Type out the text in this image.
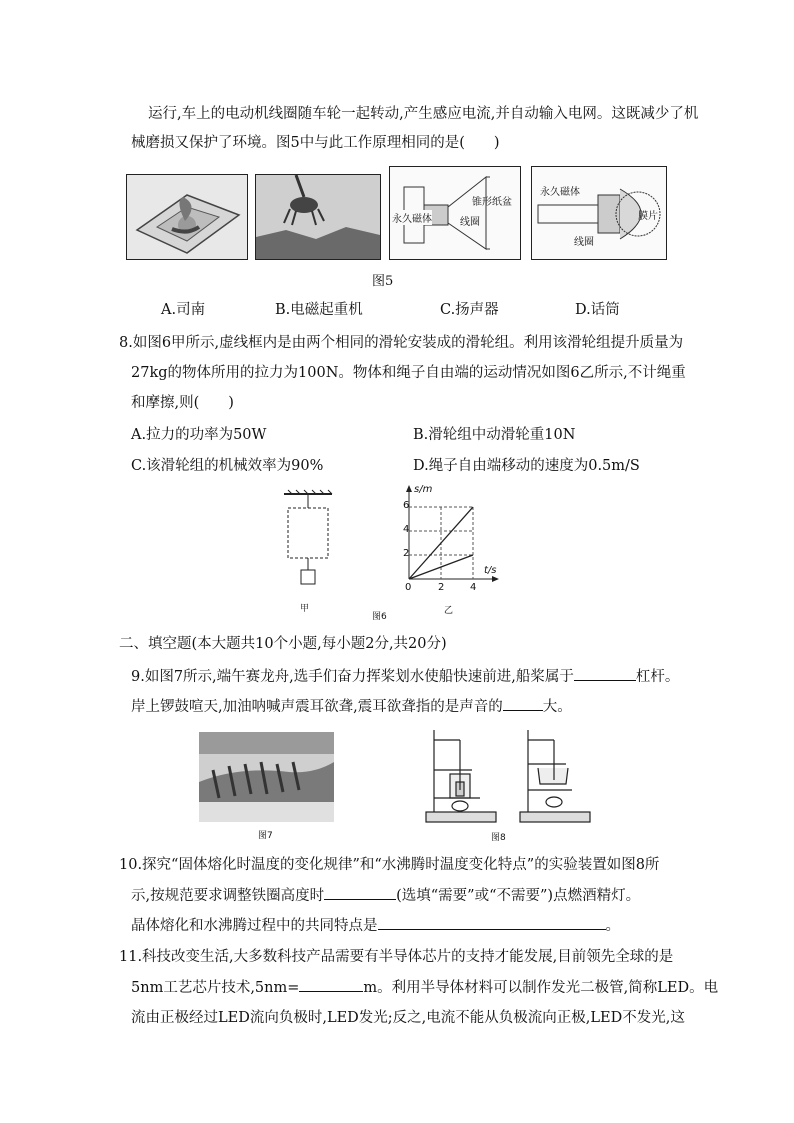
运行,车上的电动机线圈随车轮一起转动,产生感应电流,并自动输入电网。这既减少了机
械磨损又保护了环境。图5中与此工作原理相同的是(　　)
锥形纸盆
永久磁体	线圈
永久磁体
膜片
线圈
图5
A.司南	B.电磁起重机	C.扬声器	D.话筒
8.如图6甲所示,虚线框内是由两个相同的滑轮安装成的滑轮组。利用该滑轮组提升质量为
27kg的物体所用的拉力为100N。物体和绳子自由端的运动情况如图6乙所示,不计绳重
和摩擦,则(　　)
A.拉力的功率为50W	B.滑轮组中动滑轮重10N
C.该滑轮组的机械效率为90%	D.绳子自由端移动的速度为0.5m/S
甲
s/m
t/s
6
4
2
0	2	4
图6
乙
二、填空题(本大题共10个小题,每小题2分,共20分)
9.如图7所示,端午赛龙舟,选手们奋力挥桨划水使船快速前进,船桨属于	杠杆。
岸上锣鼓喧天,加油呐喊声震耳欲聋,震耳欲聋指的是声音的	大。
图7	图8
10.探究“固体熔化时温度的变化规律”和“水沸腾时温度变化特点”的实验装置如图8所
示,按规范要求调整铁圈高度时	(选填“需要”或“不需要”)点燃酒精灯。
晶体熔化和水沸腾过程中的共同特点是	。
11.科技改变生活,大多数科技产品需要有半导体芯片的支持才能发展,目前领先全球的是
5nm工艺芯片技术,5nm=	m。利用半导体材料可以制作发光二极管,简称LED。电
流由正极经过LED流向负极时,LED发光;反之,电流不能从负极流向正极,LED不发光,这
